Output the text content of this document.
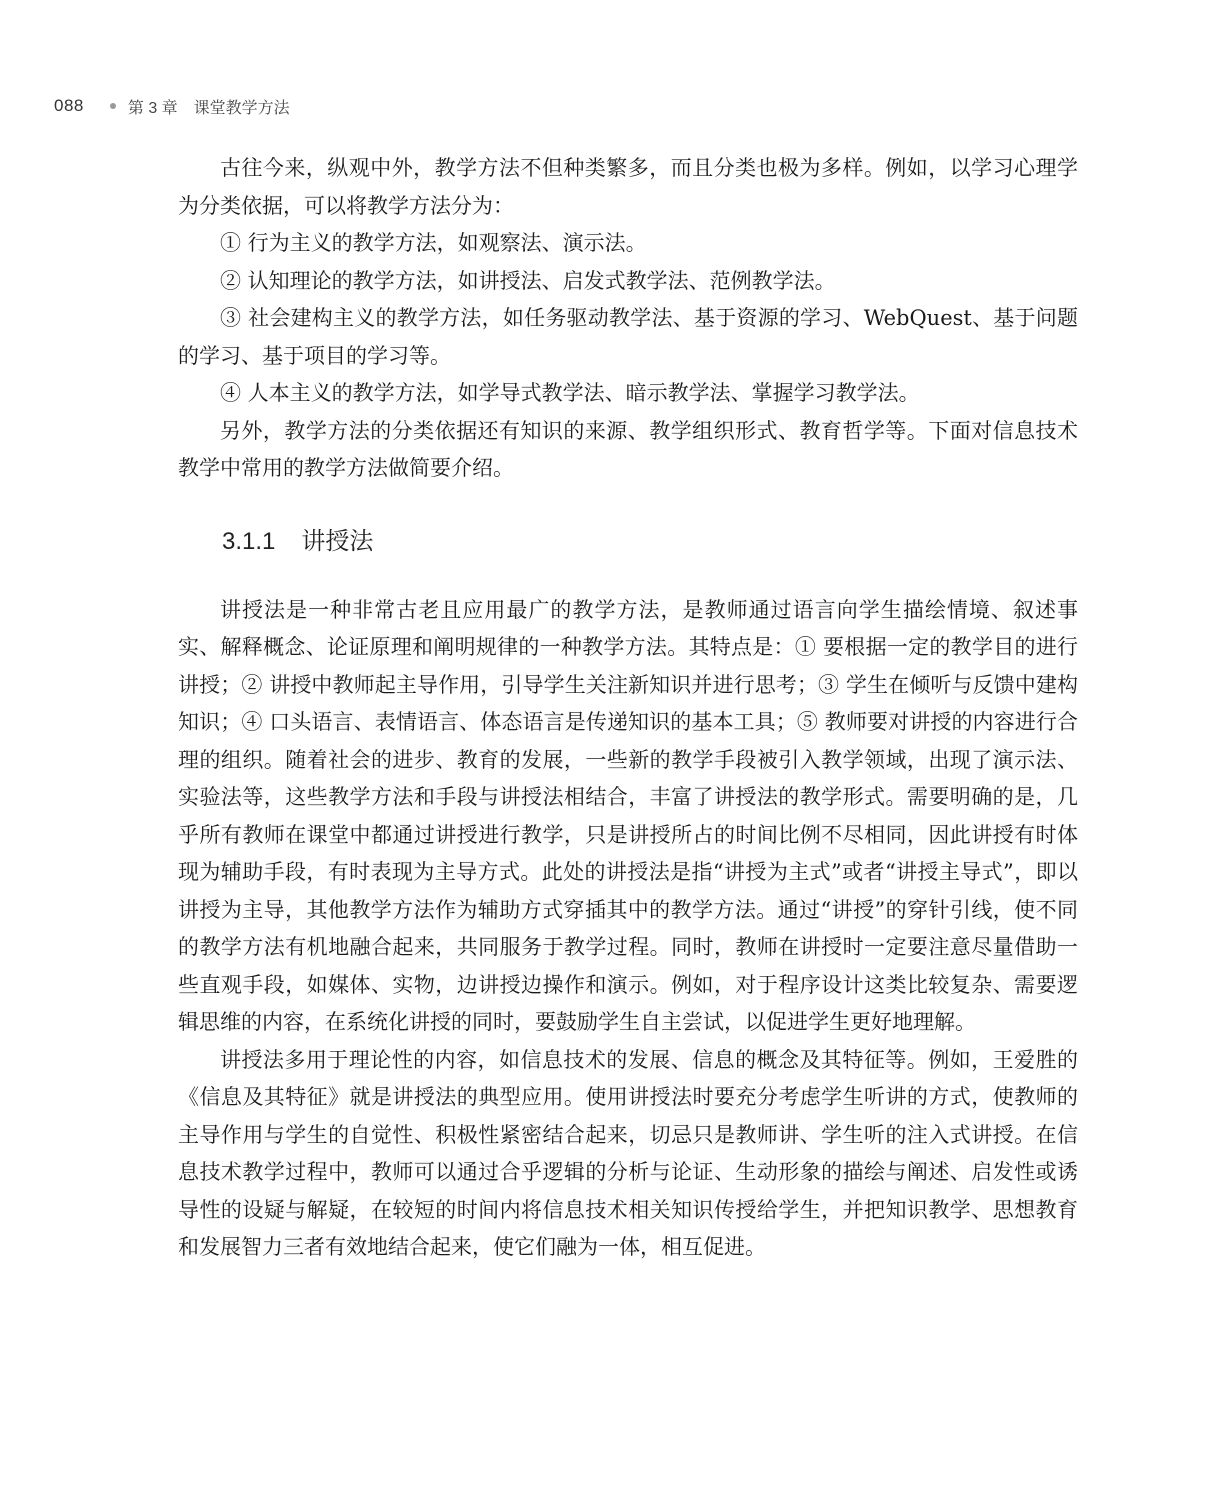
088	第 3 章　课堂教学方法

古往今来，纵观中外，教学方法不但种类繁多，而且分类也极为多样。例如，以学习心理学为分类依据，可以将教学方法分为：

① 行为主义的教学方法，如观察法、演示法。

② 认知理论的教学方法，如讲授法、启发式教学法、范例教学法。

③ 社会建构主义的教学方法，如任务驱动教学法、基于资源的学习、WebQuest、基于问题的学习、基于项目的学习等。

④ 人本主义的教学方法，如学导式教学法、暗示教学法、掌握学习教学法。

另外，教学方法的分类依据还有知识的来源、教学组织形式、教育哲学等。下面对信息技术教学中常用的教学方法做简要介绍。

3.1.1 讲授法

讲授法是一种非常古老且应用最广的教学方法，是教师通过语言向学生描绘情境、叙述事实、解释概念、论证原理和阐明规律的一种教学方法。其特点是：① 要根据一定的教学目的进行讲授；② 讲授中教师起主导作用，引导学生关注新知识并进行思考；③ 学生在倾听与反馈中建构知识；④ 口头语言、表情语言、体态语言是传递知识的基本工具；⑤ 教师要对讲授的内容进行合理的组织。随着社会的进步、教育的发展，一些新的教学手段被引入教学领域，出现了演示法、实验法等，这些教学方法和手段与讲授法相结合，丰富了讲授法的教学形式。需要明确的是，几乎所有教师在课堂中都通过讲授进行教学，只是讲授所占的时间比例不尽相同，因此讲授有时体现为辅助手段，有时表现为主导方式。此处的讲授法是指“讲授为主式”或者“讲授主导式”，即以讲授为主导，其他教学方法作为辅助方式穿插其中的教学方法。通过“讲授”的穿针引线，使不同的教学方法有机地融合起来，共同服务于教学过程。同时，教师在讲授时一定要注意尽量借助一些直观手段，如媒体、实物，边讲授边操作和演示。例如，对于程序设计这类比较复杂、需要逻辑思维的内容，在系统化讲授的同时，要鼓励学生自主尝试，以促进学生更好地理解。

讲授法多用于理论性的内容，如信息技术的发展、信息的概念及其特征等。例如，王爱胜的《信息及其特征》就是讲授法的典型应用。使用讲授法时要充分考虑学生听讲的方式，使教师的主导作用与学生的自觉性、积极性紧密结合起来，切忌只是教师讲、学生听的注入式讲授。在信息技术教学过程中，教师可以通过合乎逻辑的分析与论证、生动形象的描绘与阐述、启发性或诱导性的设疑与解疑，在较短的时间内将信息技术相关知识传授给学生，并把知识教学、思想教育和发展智力三者有效地结合起来，使它们融为一体，相互促进。
